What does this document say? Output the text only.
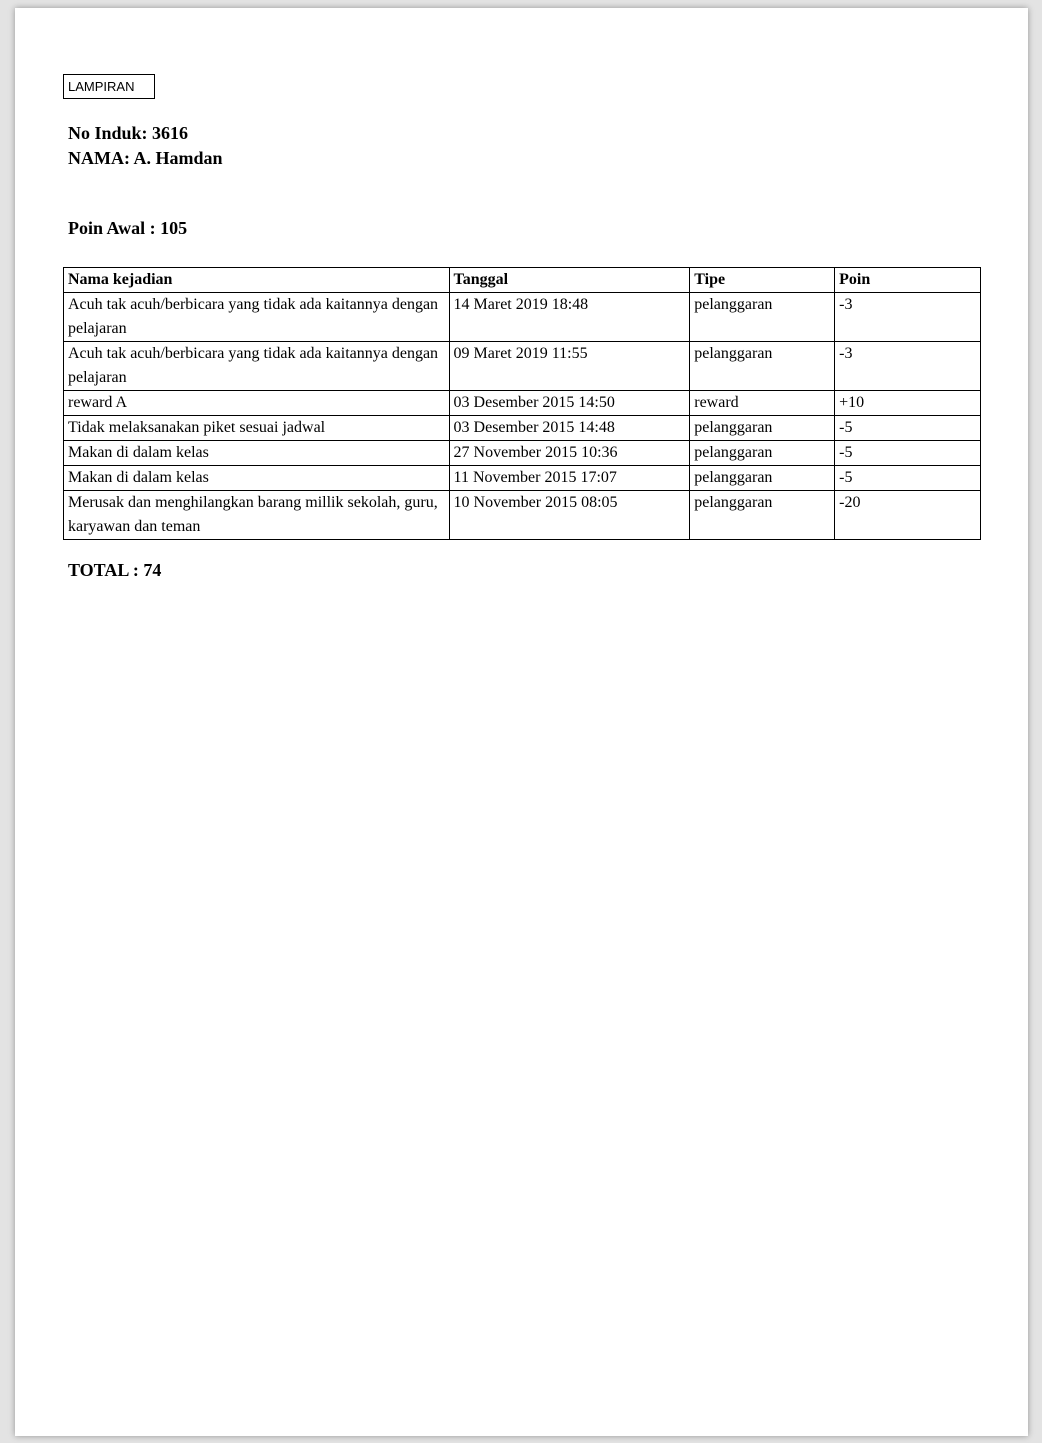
LAMPIRAN
No Induk: 3616
NAMA: A. Hamdan
Poin Awal : 105
Nama kejadian	Tanggal	Tipe	Poin
Acuh tak acuh/berbicara yang tidak ada kaitannya dengan pelajaran	14 Maret 2019 18:48	pelanggaran	-3
Acuh tak acuh/berbicara yang tidak ada kaitannya dengan pelajaran	09 Maret 2019 11:55	pelanggaran	-3
reward A	03 Desember 2015 14:50	reward	+10
Tidak melaksanakan piket sesuai jadwal	03 Desember 2015 14:48	pelanggaran	-5
Makan di dalam kelas	27 November 2015 10:36	pelanggaran	-5
Makan di dalam kelas	11 November 2015 17:07	pelanggaran	-5
Merusak dan menghilangkan barang millik sekolah, guru, karyawan dan teman	10 November 2015 08:05	pelanggaran	-20
TOTAL : 74
